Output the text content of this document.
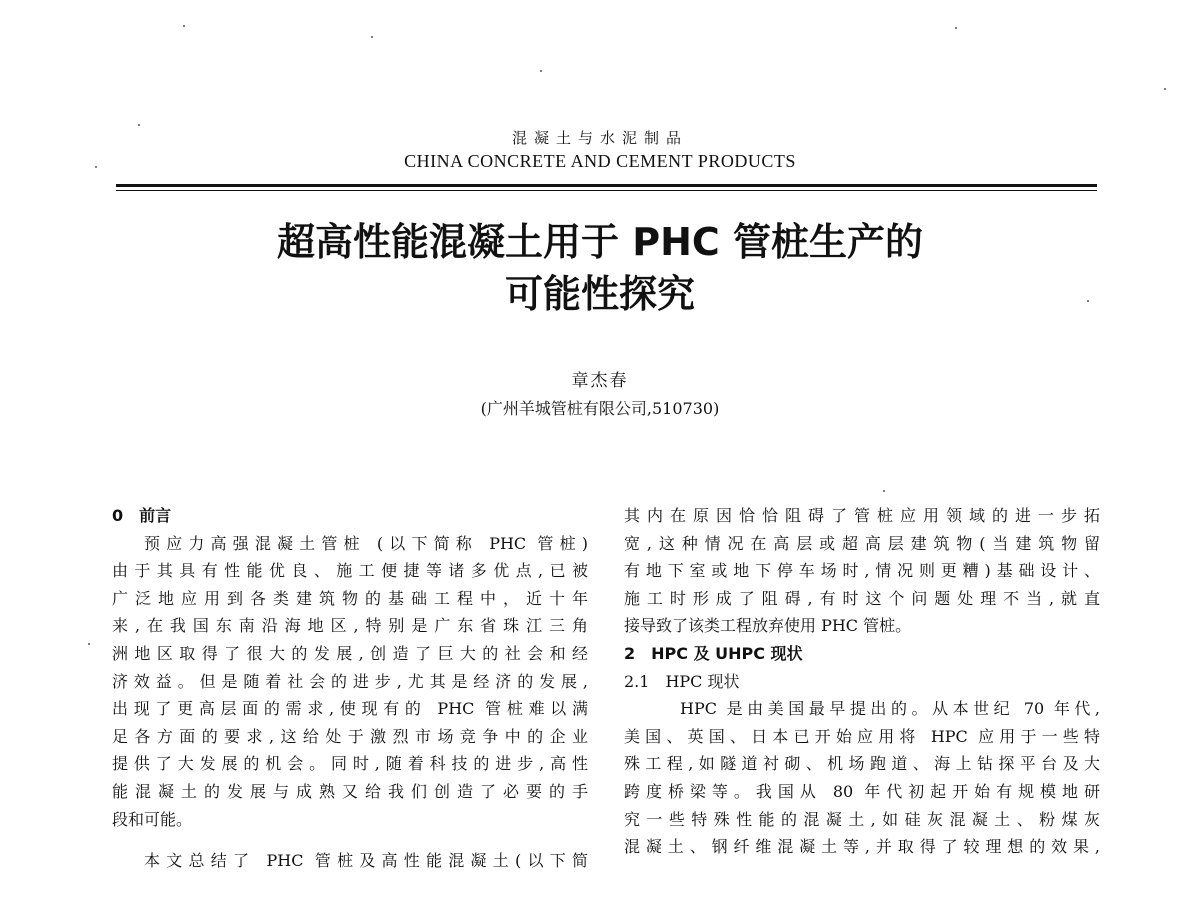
混凝土与水泥制品
CHINA CONCRETE AND CEMENT PRODUCTS
超高性能混凝土用于 PHC 管桩生产的
可能性探究
章杰春
(广州羊城管桩有限公司,510730)
0　前言
预应力高强混凝土管桩 (以下简称 PHC 管桩)
由于其具有性能优良、施工便捷等诸多优点,已被
广泛地应用到各类建筑物的基础工程中，近十年
来,在我国东南沿海地区,特别是广东省珠江三角
洲地区取得了很大的发展,创造了巨大的社会和经
济效益。但是随着社会的进步,尤其是经济的发展,
出现了更高层面的需求,使现有的 PHC 管桩难以满
足各方面的要求,这给处于激烈市场竞争中的企业
提供了大发展的机会。同时,随着科技的进步,高性
能混凝土的发展与成熟又给我们创造了必要的手
段和可能。
本文总结了 PHC 管桩及高性能混凝土(以下简
其内在原因恰恰阻碍了管桩应用领域的进一步拓
宽,这种情况在高层或超高层建筑物(当建筑物留
有地下室或地下停车场时,情况则更糟)基础设计、
施工时形成了阻碍,有时这个问题处理不当,就直
接导致了该类工程放弃使用 PHC 管桩。
2　HPC 及 UHPC 现状
2.1　HPC 现状
HPC 是由美国最早提出的。从本世纪 70 年代,
美国、英国、日本已开始应用将 HPC 应用于一些特
殊工程,如隧道衬砌、机场跑道、海上钻探平台及大
跨度桥梁等。我国从 80 年代初起开始有规模地研
究一些特殊性能的混凝土,如硅灰混凝土、粉煤灰
混凝土、钢纤维混凝土等,并取得了较理想的效果,
